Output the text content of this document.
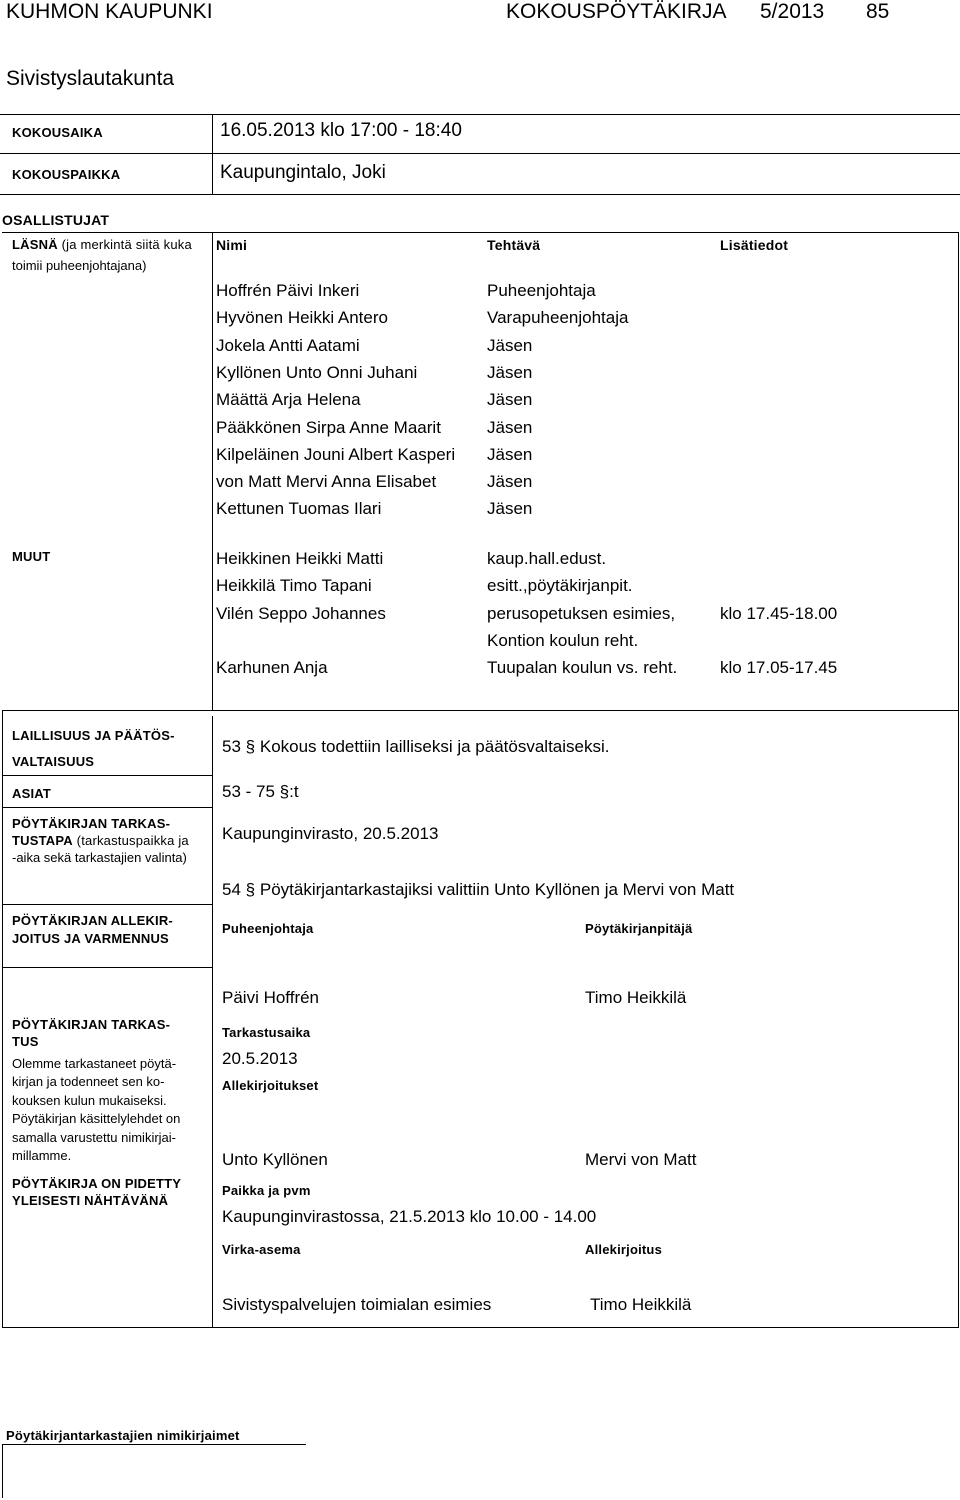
KUHMON KAUPUNKI	KOKOUSPÖYTÄKIRJA 5/2013 85
Sivistyslautakunta
KOKOUSAIKA	16.05.2013 klo 17:00 - 18:40
KOKOUSPAIKKA	Kaupungintalo, Joki
OSALLISTUJAT
LÄSNÄ (ja merkintä siitä kuka
toimii puheenjohtajana)
Nimi	Tehtävä	Lisätiedot
Hoffrén Päivi Inkeri	Puheenjohtaja
Hyvönen Heikki Antero	Varapuheenjohtaja
Jokela Antti Aatami	Jäsen
Kyllönen Unto Onni Juhani	Jäsen
Määttä Arja Helena	Jäsen
Pääkkönen Sirpa Anne Maarit	Jäsen
Kilpeläinen Jouni Albert Kasperi Jäsen
von Matt Mervi Anna Elisabet	Jäsen
Kettunen Tuomas Ilari	Jäsen
MUUT	Heikkinen Heikki Matti	kaup.hall.edust.
Heikkilä Timo Tapani	esitt.,pöytäkirjanpit.
Vilén Seppo Johannes	perusopetuksen esimies,	klo 17.45-18.00
Kontion koulun reht.
Karhunen Anja	Tuupalan koulun vs. reht.	klo 17.05-17.45
LAILLISUUS JA PÄÄTÖS-
VALTAISUUS
53 § Kokous todettiin lailliseksi ja päätösvaltaiseksi.
ASIAT	53 - 75 §:t
PÖYTÄKIRJAN TARKAS-
TUSTAPA (tarkastuspaikka ja
-aika sekä tarkastajien valinta)
Kaupunginvirasto, 20.5.2013
54 § Pöytäkirjantarkastajiksi valittiin Unto Kyllönen ja Mervi von Matt
PÖYTÄKIRJAN ALLEKIR-
JOITUS JA VARMENNUS
Puheenjohtaja	Pöytäkirjanpitäjä
Päivi Hoffrén	Timo Heikkilä
PÖYTÄKIRJAN TARKAS-
TUS
Olemme tarkastaneet pöytä-
kirjan ja todenneet sen ko-
kouksen kulun mukaiseksi.
Pöytäkirjan käsittelylehdet on
samalla varustettu nimikirjai-
millamme.
Tarkastusaika
20.5.2013
Allekirjoitukset
Unto Kyllönen	Mervi von Matt
PÖYTÄKIRJA ON PIDETTY
YLEISESTI NÄHTÄVÄNÄ
Paikka ja pvm
Kaupunginvirastossa, 21.5.2013 klo 10.00 - 14.00
Virka-asema	Allekirjoitus
Sivistyspalvelujen toimialan esimies	Timo Heikkilä
Pöytäkirjantarkastajien nimikirjaimet
